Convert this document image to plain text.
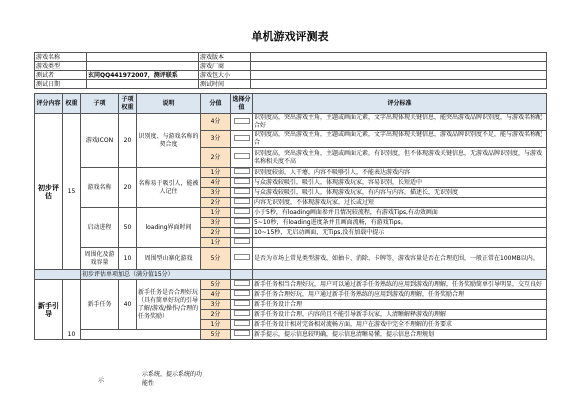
单机游戏评测表
游戏名称		游戏版本	
游戏类型		游戏厂商	
测试者	玄同QQ441972007，测评联系	游戏包大小	
测试日期		测试时间	
评分内容	权重	子项	子项权重	说明	分值	选择分值	评分标准
初步评估	15	游戏ICON	20	识别度、与游戏名称的契合度	4分		识别度高，突出游戏主角，主题或画面元素，文字出现体现关键信息，能突出游戏品牌识别度，与游戏名称配合好
					3分		识别度高，突出游戏主角，主题或画面元素，文字出现体现关键信息，游戏品牌识别度不足，能与游戏名称配合
					2分		识别度高，突出游戏主角，主题或画面元素，有识别度，但不体现游戏关键信息，无游戏品牌识别度，与游戏名称相关度不高
		游戏名称	20	名称易于吸引人，能被人记住	1分		识别度较弱，人干瘪，内容不吸够引人，不能表达游戏内容
					4分		与众游戏较吸引，吸引人，体现游戏玩家，容易识别，长短适中
					3分		与众游戏较吸引，吸引人，体现游戏玩家，有内容与内容，描述长，无识别度
					2分		内容无识别度，不体现游戏玩家，过长或过短
		启动进程	50	loading界面时间	1分		小于5秒，有loading画面参并且情况较流程，有游戏Tips,有动效画面
					3分		5~10秒，有loading进度条并且画面流畅，有游戏Tips。
					2分		10~15秒，无启动画面，无Tips,没有加载中提示
					1分		
		周围化及游戏容量	10	周围型山寨化游戏	5分		是否为市场上常见类型游戏，如抽卡、消除、卡牌等，游戏容量是否在合理范围，一般正常在100MB以内。
		初步评估单项加总（满分值15分）					
新手引导	10	新手任务	40	新手任务是否合理好玩（具有简单好玩的引导了解/游戏/操作/合理的任务奖励）	5分		新手任务相当合理好玩，用户可以通过新手任务熟练的应用到游戏的理解，任务奖励简单引导明显，交互良好
					4分		新手任务合理好玩，用户通过新手任务熟练的应用到游戏的理解，任务奖励合理
					3分		新手任务设计合理
					2分		新手任务设计合理，内容尚且不能引导新手玩家，人清晰解释游戏的理解
					1分		新手任务设计相对完备相对流畅方面，用户在游戏中完全不理解的任务要求
					5分		新手提示，提示信息较明确，提示信息清晰易懂，提示信息合理规划
示
示系统，提示系统的功能性
